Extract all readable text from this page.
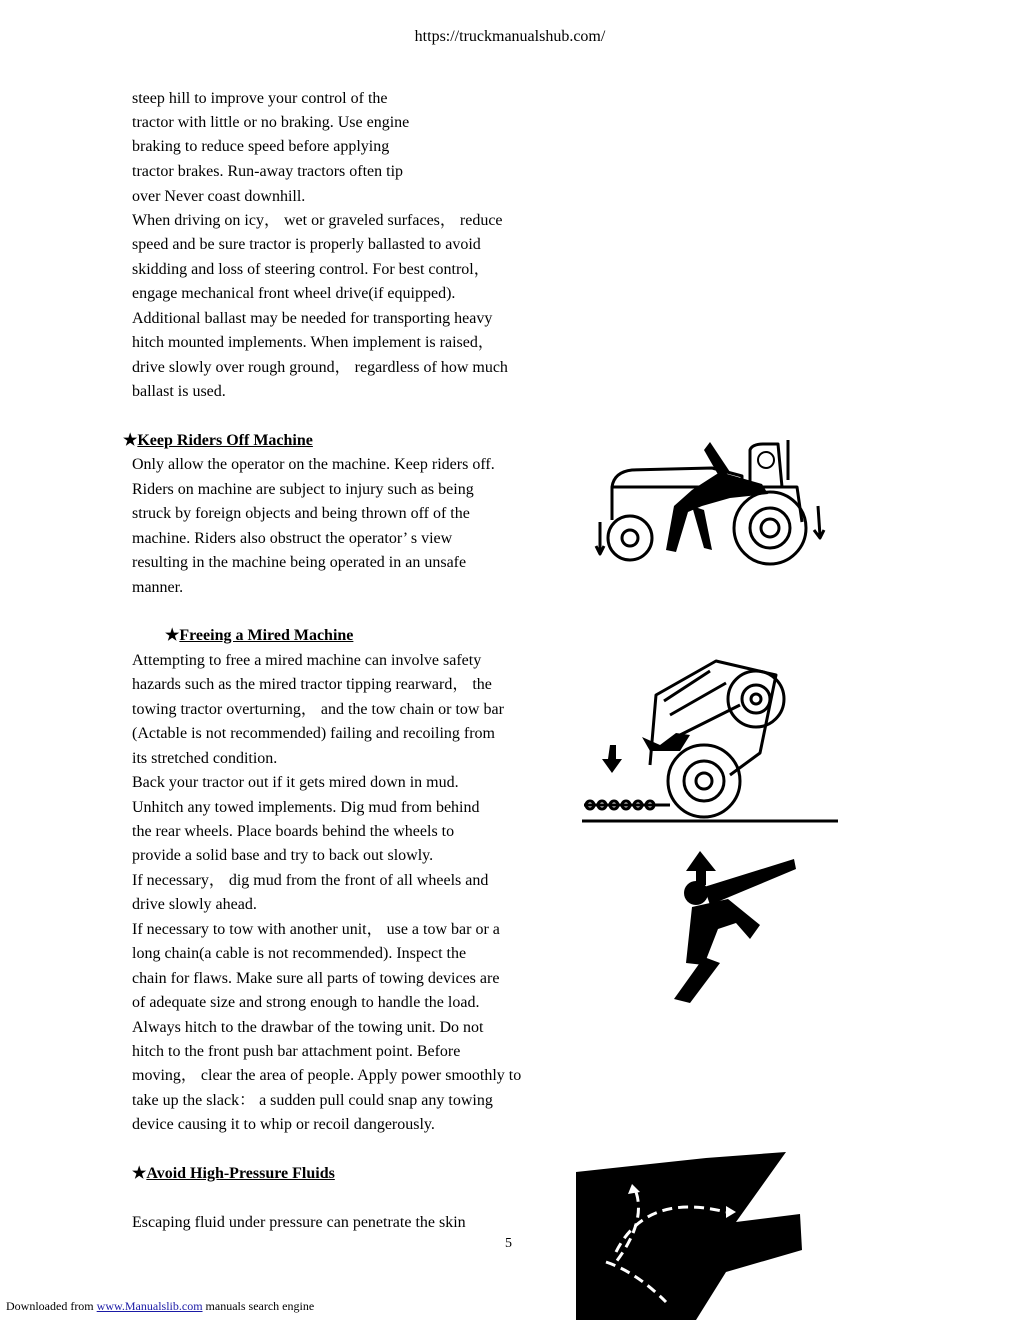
https://truckmanualshub.com/
steep hill to improve your control of the
tractor with little or no braking. Use engine
braking to reduce speed before applying
tractor brakes. Run-away tractors often tip
over Never coast downhill.
When driving on icy， wet or graveled surfaces， reduce
speed and be sure tractor is properly ballasted to avoid
skidding and loss of steering control. For best control，
engage mechanical front wheel drive(if equipped).
Additional ballast may be needed for transporting heavy
hitch mounted implements. When implement is raised，
drive slowly over rough ground， regardless of how much
ballast is used.
★Keep Riders Off Machine
Only allow the operator on the machine. Keep riders off.
Riders on machine are subject to injury such as being
struck by foreign objects and being thrown off of the
machine. Riders also obstruct the operator’ s view
resulting in the machine being operated in an unsafe
manner.
★Freeing a Mired Machine
Attempting to free a mired machine can involve safety
hazards such as the mired tractor tipping rearward， the
towing tractor overturning， and the tow chain or tow bar
(Actable is not recommended) failing and recoiling from
its stretched condition.
Back your tractor out if it gets mired down in mud.
Unhitch any towed implements. Dig mud from behind
the rear wheels. Place boards behind the wheels to
provide a solid base and try to back out slowly.
If necessary， dig mud from the front of all wheels and
drive slowly ahead.
If necessary to tow with another unit， use a tow bar or a
long chain(a cable is not recommended). Inspect the
chain for flaws. Make sure all parts of towing devices are
of adequate size and strong enough to handle the load.
Always hitch to the drawbar of the towing unit. Do not
hitch to the front push bar attachment point. Before
moving， clear the area of people. Apply power smoothly to
take up the slack： a sudden pull could snap any towing
device causing it to whip or recoil dangerously.
★Avoid High-Pressure Fluids
Escaping fluid under pressure can penetrate the skin
5
Downloaded from www.Manualslib.com manuals search engine
